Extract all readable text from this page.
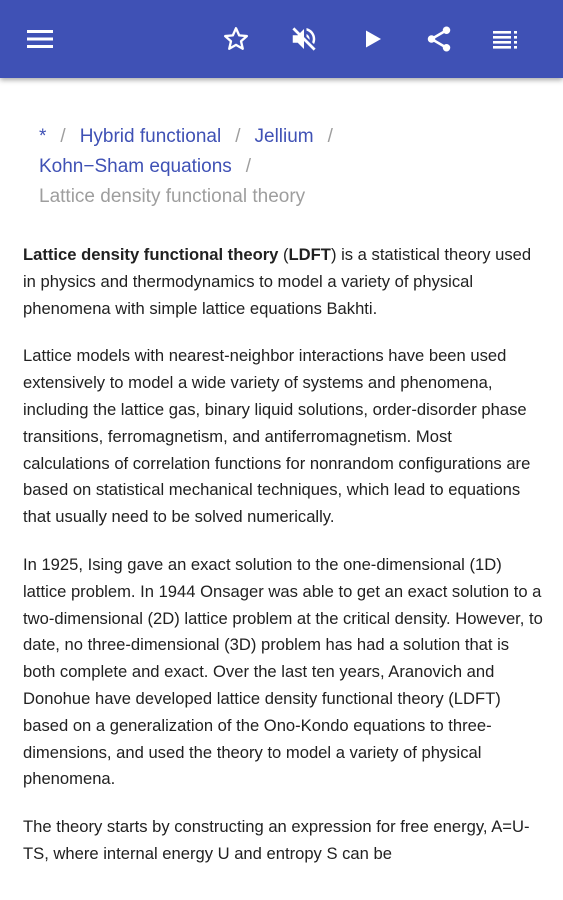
* / Hybrid functional / Jellium /
Kohn−Sham equations /
Lattice density functional theory

Lattice density functional theory (LDFT) is a statistical theory used in physics and thermodynamics to model a variety of physical phenomena with simple lattice equations Bakhti.

Lattice models with nearest-neighbor interactions have been used extensively to model a wide variety of systems and phenomena, including the lattice gas, binary liquid solutions, order-disorder phase transitions, ferromagnetism, and antiferromagnetism. Most calculations of correlation functions for nonrandom configurations are based on statistical mechanical techniques, which lead to equations that usually need to be solved numerically.

In 1925, Ising gave an exact solution to the one-dimensional (1D) lattice problem. In 1944 Onsager was able to get an exact solution to a two-dimensional (2D) lattice problem at the critical density. However, to date, no three-dimensional (3D) problem has had a solution that is both complete and exact. Over the last ten years, Aranovich and Donohue have developed lattice density functional theory (LDFT) based on a generalization of the Ono-Kondo equations to three-dimensions, and used the theory to model a variety of physical phenomena.

The theory starts by constructing an expression for free energy, A=U-TS, where internal energy U and entropy S can be
